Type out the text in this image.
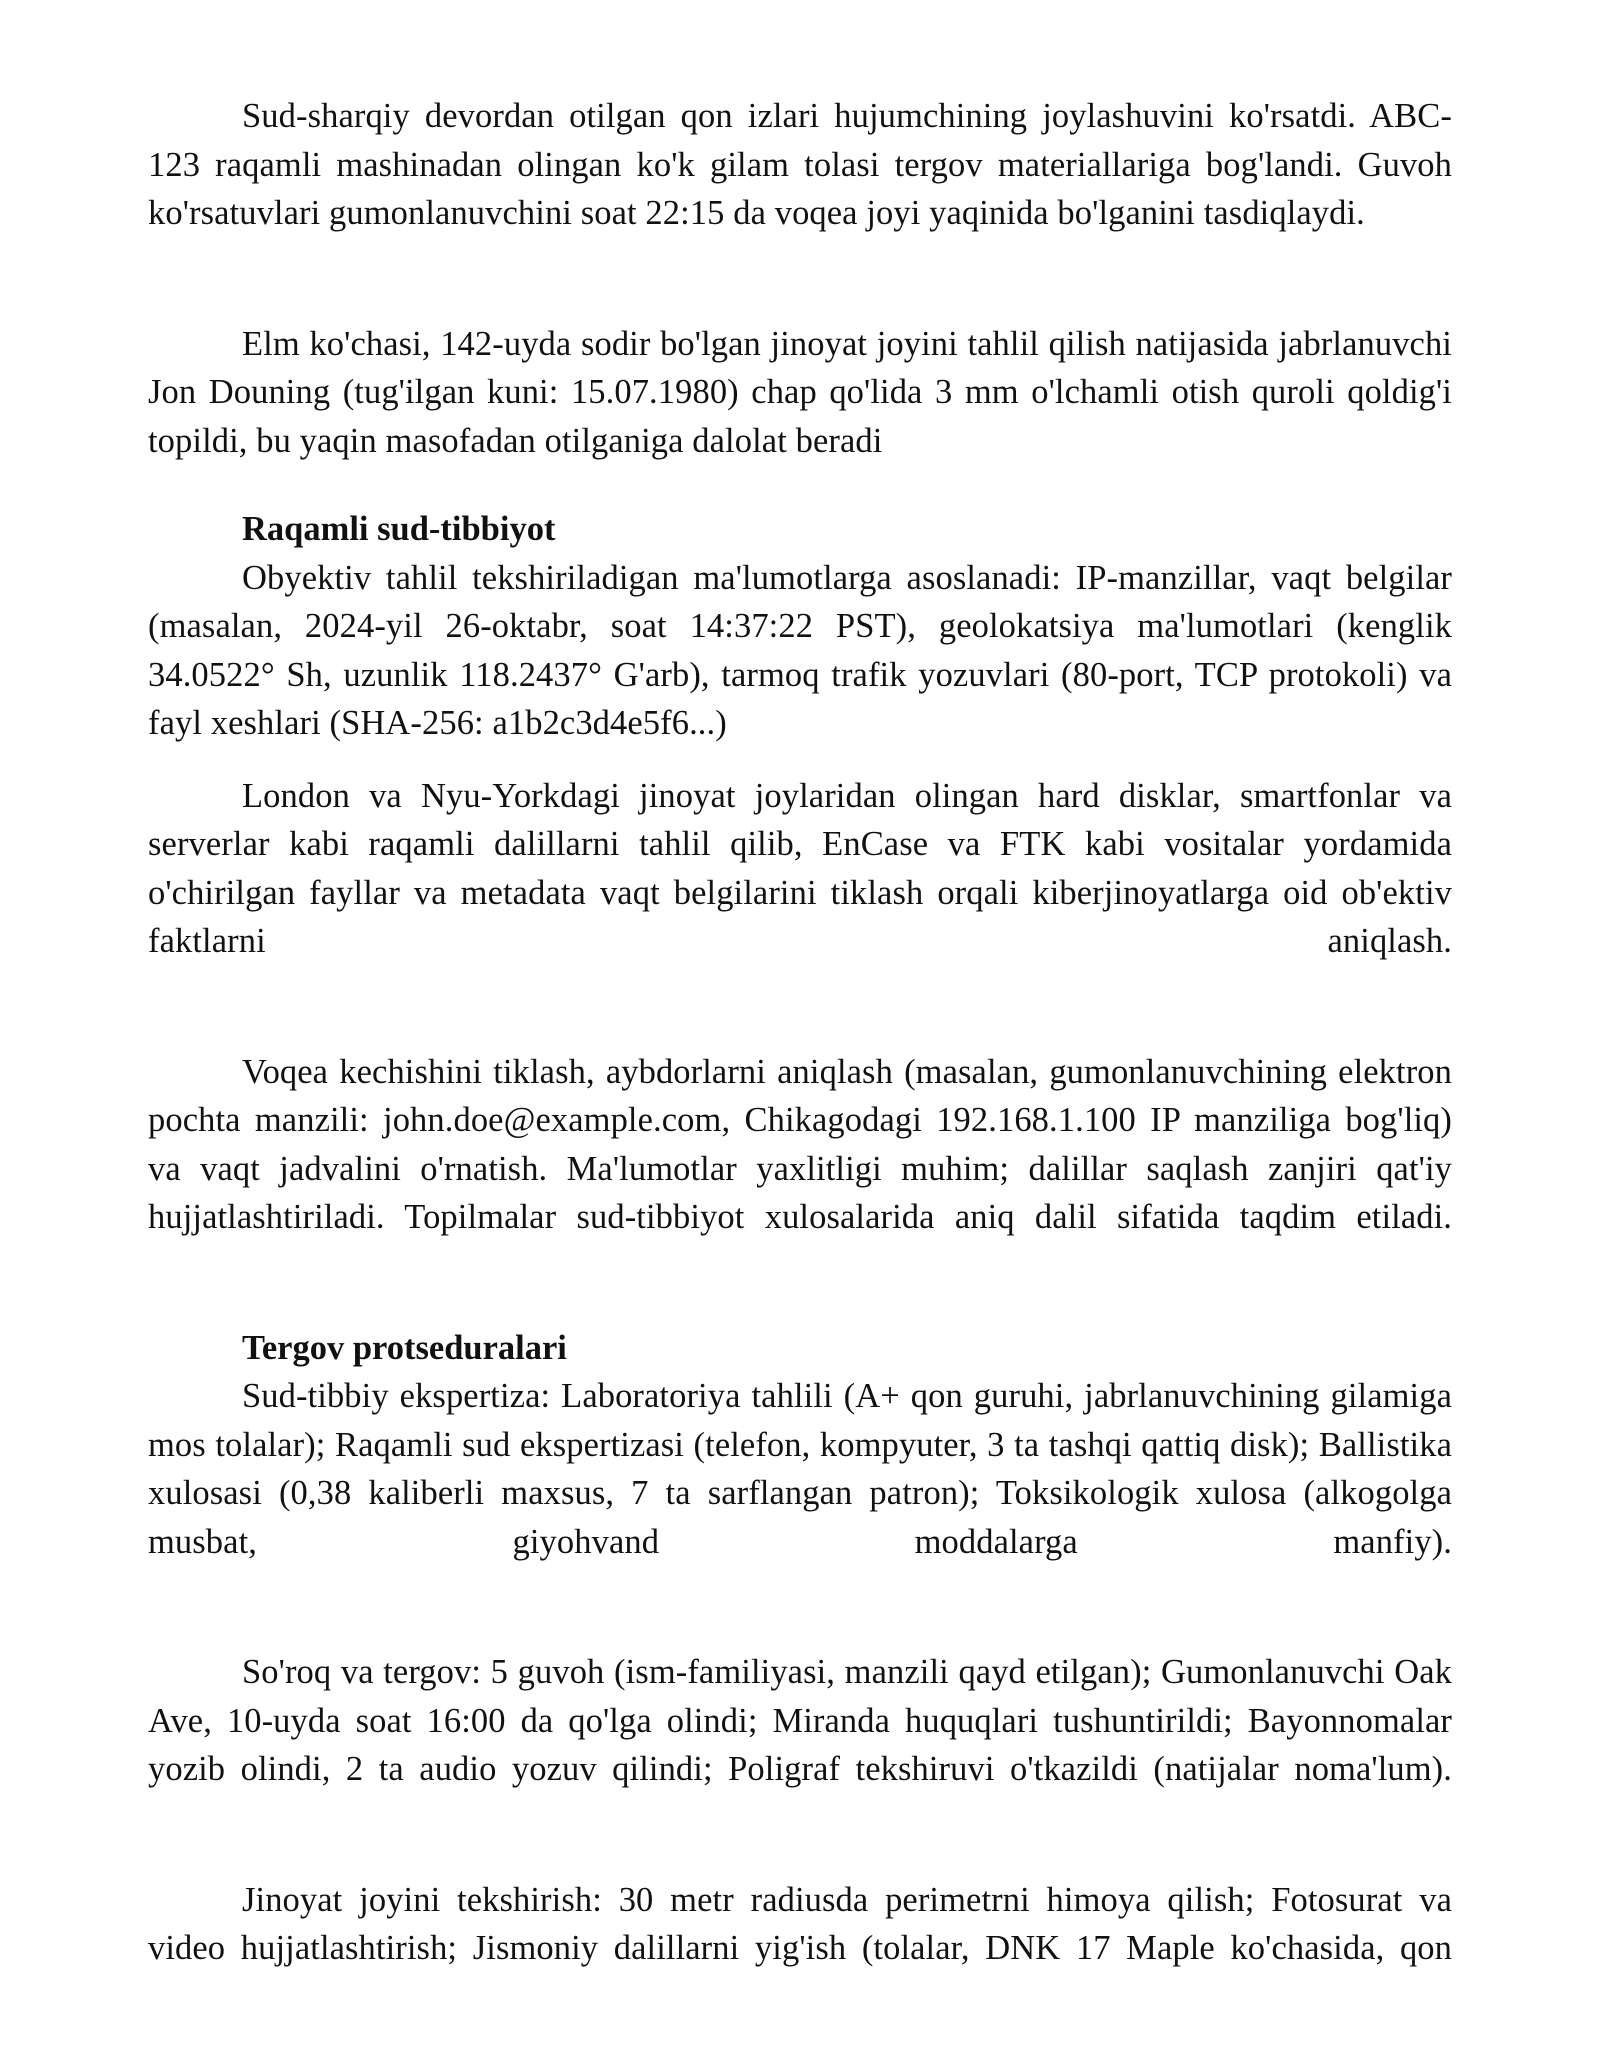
Sud-sharqiy devordan otilgan qon izlari hujumchining joylashuvini ko'rsatdi. ABC-123 raqamli mashinadan olingan ko'k gilam tolasi tergov materiallariga bog'landi. Guvoh ko'rsatuvlari gumonlanuvchini soat 22:15 da voqea joyi yaqinida bo'lganini tasdiqlaydi.

Elm ko'chasi, 142-uyda sodir bo'lgan jinoyat joyini tahlil qilish natijasida jabrlanuvchi Jon Douning (tug'ilgan kuni: 15.07.1980) chap qo'lida 3 mm o'lchamli otish quroli qoldig'i topildi, bu yaqin masofadan otilganiga dalolat beradi

Raqamli sud-tibbiyot

Obyektiv tahlil tekshiriladigan ma'lumotlarga asoslanadi: IP-manzillar, vaqt belgilar (masalan, 2024-yil 26-oktabr, soat 14:37:22 PST), geolokatsiya ma'lumotlari (kenglik 34.0522° Sh, uzunlik 118.2437° G'arb), tarmoq trafik yozuvlari (80-port, TCP protokoli) va fayl xeshlari (SHA-256: a1b2c3d4e5f6...)

London va Nyu-Yorkdagi jinoyat joylaridan olingan hard disklar, smartfonlar va serverlar kabi raqamli dalillarni tahlil qilib, EnCase va FTK kabi vositalar yordamida o'chirilgan fayllar va metadata vaqt belgilarini tiklash orqali kiberjinoyatlarga oid ob'ektiv faktlarni aniqlash.

Voqea kechishini tiklash, aybdorlarni aniqlash (masalan, gumonlanuvchining elektron pochta manzili: john.doe@example.com, Chikagodagi 192.168.1.100 IP manziliga bog'liq) va vaqt jadvalini o'rnatish. Ma'lumotlar yaxlitligi muhim; dalillar saqlash zanjiri qat'iy hujjatlashtiriladi. Topilmalar sud-tibbiyot xulosalarida aniq dalil sifatida taqdim etiladi.

Tergov protseduralari

Sud-tibbiy ekspertiza: Laboratoriya tahlili (A+ qon guruhi, jabrlanuvchining gilamiga mos tolalar); Raqamli sud ekspertizasi (telefon, kompyuter, 3 ta tashqi qattiq disk); Ballistika xulosasi (0,38 kaliberli maxsus, 7 ta sarflangan patron); Toksikologik xulosa (alkogolga musbat, giyohvand moddalarga manfiy).

So'roq va tergov: 5 guvoh (ism-familiyasi, manzili qayd etilgan); Gumonlanuvchi Oak Ave, 10-uyda soat 16:00 da qo'lga olindi; Miranda huquqlari tushuntirildi; Bayonnomalar yozib olindi, 2 ta audio yozuv qilindi; Poligraf tekshiruvi o'tkazildi (natijalar noma'lum).

Jinoyat joyini tekshirish: 30 metr radiusda perimetrni himoya qilish; Fotosurat va video hujjatlashtirish; Jismoniy dalillarni yig'ish (tolalar, DNK 17 Maple ko'chasida, qon
